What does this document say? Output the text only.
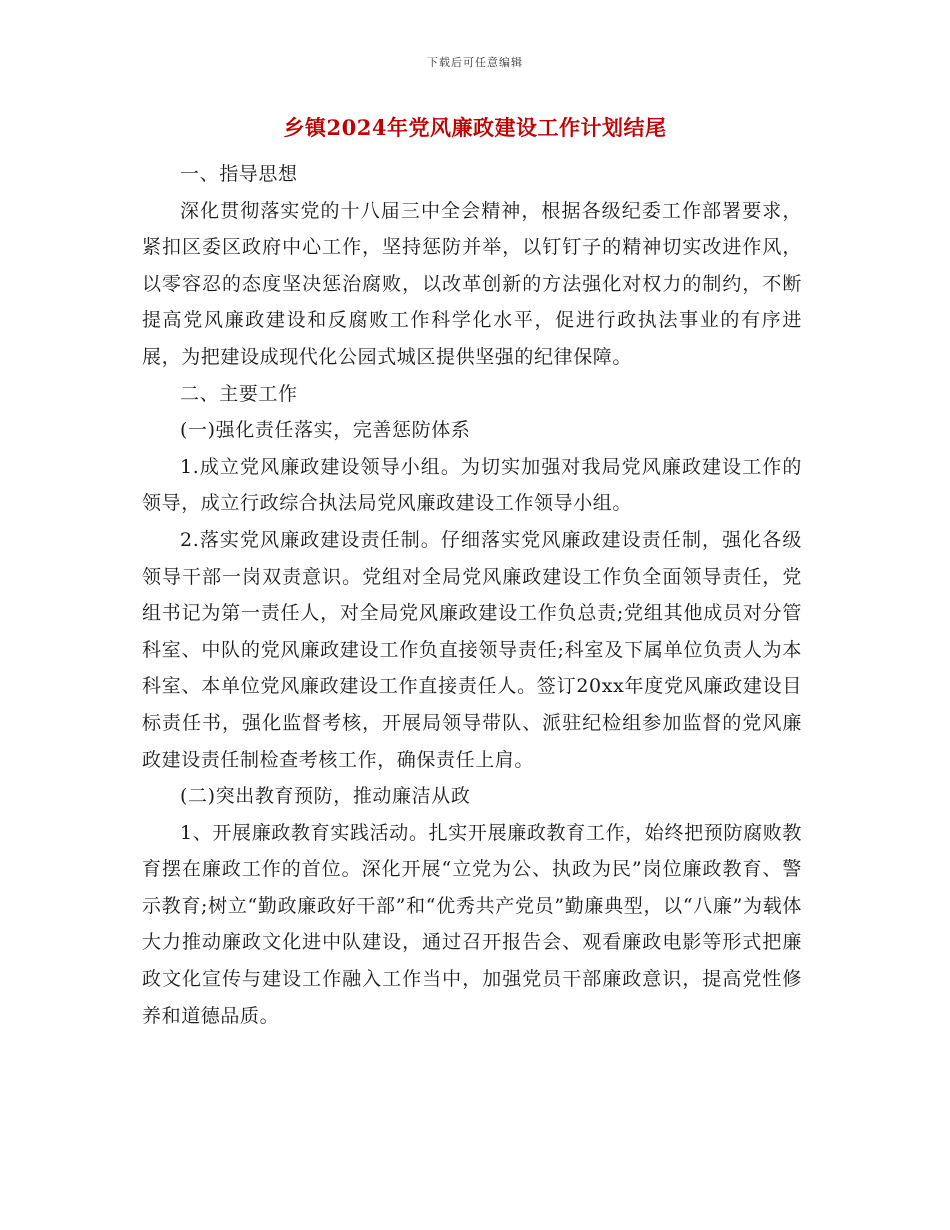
下载后可任意编辑
乡镇2024年党风廉政建设工作计划结尾

一、指导思想

深化贯彻落实党的十八届三中全会精神，根据各级纪委工作部署要求，紧扣区委区政府中心工作，坚持惩防并举，以钉钉子的精神切实改进作风，以零容忍的态度坚决惩治腐败，以改革创新的方法强化对权力的制约，不断提高党风廉政建设和反腐败工作科学化水平，促进行政执法事业的有序进展，为把建设成现代化公园式城区提供坚强的纪律保障。

二、主要工作

(一)强化责任落实，完善惩防体系

1.成立党风廉政建设领导小组。为切实加强对我局党风廉政建设工作的领导，成立行政综合执法局党风廉政建设工作领导小组。

2.落实党风廉政建设责任制。仔细落实党风廉政建设责任制，强化各级领导干部一岗双责意识。党组对全局党风廉政建设工作负全面领导责任，党组书记为第一责任人，对全局党风廉政建设工作负总责;党组其他成员对分管科室、中队的党风廉政建设工作负直接领导责任;科室及下属单位负责人为本科室、本单位党风廉政建设工作直接责任人。签订20xx年度党风廉政建设目标责任书，强化监督考核，开展局领导带队、派驻纪检组参加监督的党风廉政建设责任制检查考核工作，确保责任上肩。

(二)突出教育预防，推动廉洁从政

1、开展廉政教育实践活动。扎实开展廉政教育工作，始终把预防腐败教育摆在廉政工作的首位。深化开展“立党为公、执政为民”岗位廉政教育、警示教育;树立“勤政廉政好干部”和“优秀共产党员”勤廉典型，以“八廉”为载体大力推动廉政文化进中队建设，通过召开报告会、观看廉政电影等形式把廉政文化宣传与建设工作融入工作当中，加强党员干部廉政意识，提高党性修养和道德品质。
